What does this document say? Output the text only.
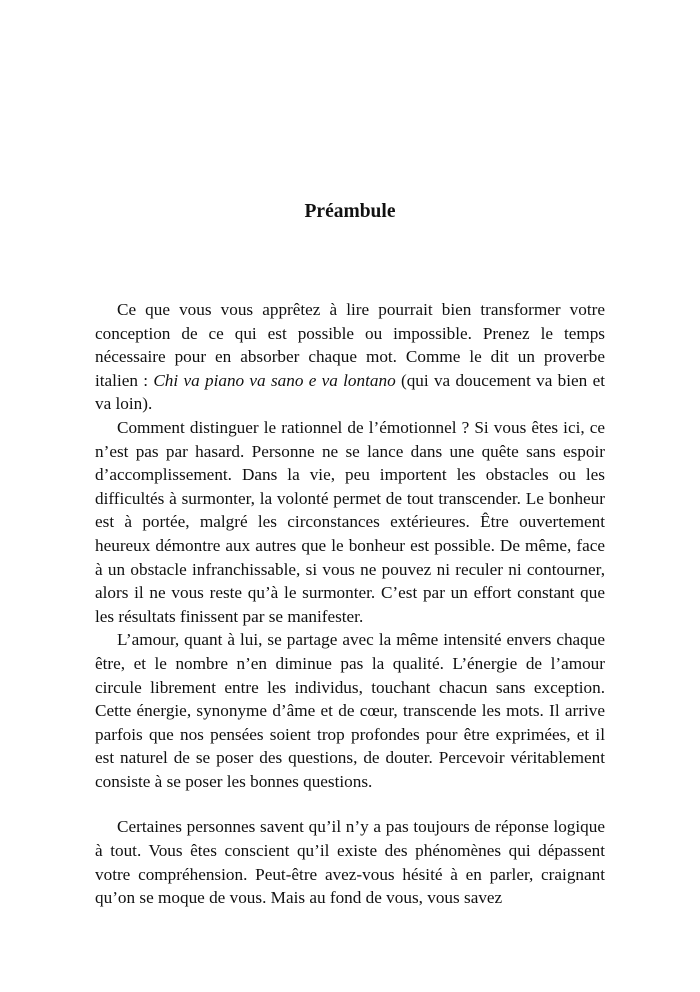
Préambule

Ce que vous vous apprêtez à lire pourrait bien transformer votre conception de ce qui est possible ou impossible. Prenez le temps nécessaire pour en absorber chaque mot. Comme le dit un proverbe italien : Chi va piano va sano e va lontano (qui va doucement va bien et va loin).

Comment distinguer le rationnel de l’émotionnel ? Si vous êtes ici, ce n’est pas par hasard. Personne ne se lance dans une quête sans espoir d’accomplissement. Dans la vie, peu importent les obstacles ou les difficultés à surmonter, la volonté permet de tout transcender. Le bonheur est à portée, malgré les circonstances extérieures. Être ouvertement heureux démontre aux autres que le bonheur est possible. De même, face à un obstacle infranchissable, si vous ne pouvez ni reculer ni contourner, alors il ne vous reste qu’à le surmonter. C’est par un effort constant que les résultats finissent par se manifester.

L’amour, quant à lui, se partage avec la même intensité envers chaque être, et le nombre n’en diminue pas la qualité. L’énergie de l’amour circule librement entre les individus, touchant chacun sans exception. Cette énergie, synonyme d’âme et de cœur, transcende les mots. Il arrive parfois que nos pensées soient trop profondes pour être exprimées, et il est naturel de se poser des questions, de douter. Percevoir véritablement consiste à se poser les bonnes questions.

Certaines personnes savent qu’il n’y a pas toujours de réponse logique à tout. Vous êtes conscient qu’il existe des phénomènes qui dépassent votre compréhension. Peut-être avez-vous hésité à en parler, craignant qu’on se moque de vous. Mais au fond de vous, vous savez
